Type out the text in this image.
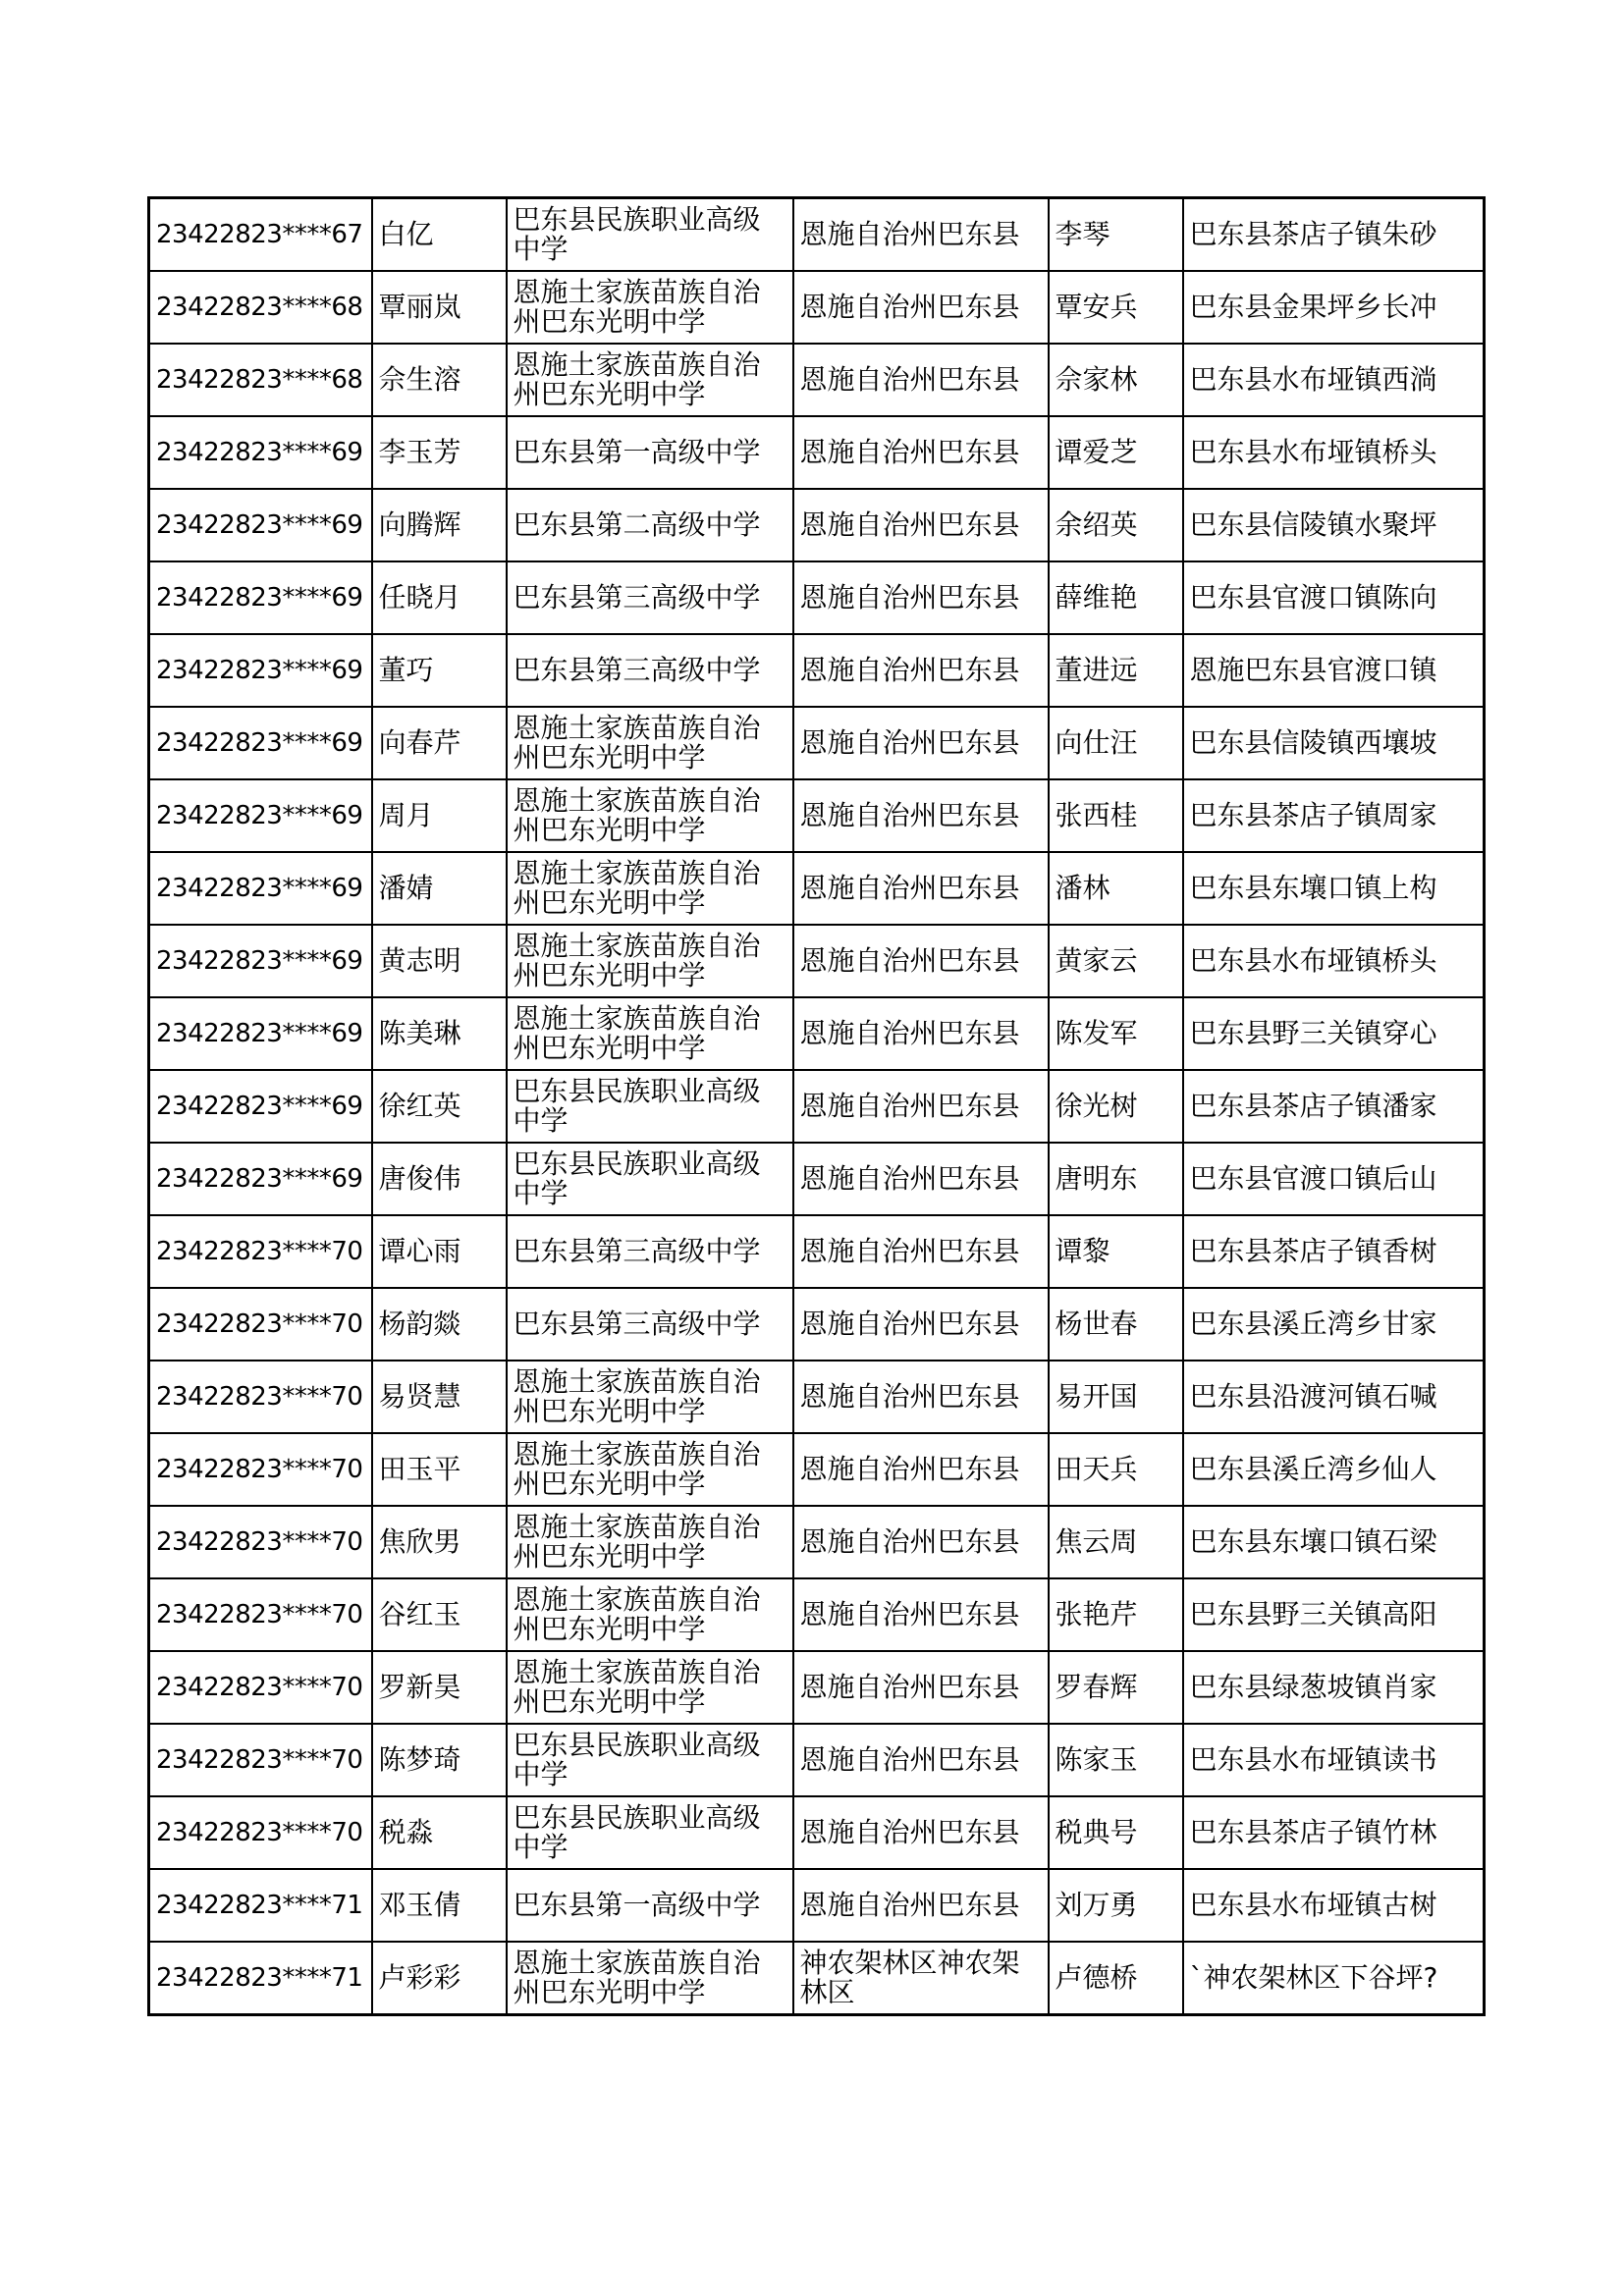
23422823****67	白亿	巴东县民族职业高级中学	恩施自治州巴东县	李琴	巴东县茶店子镇朱砂
23422823****68	覃丽岚	恩施土家族苗族自治州巴东光明中学	恩施自治州巴东县	覃安兵	巴东县金果坪乡长冲
23422823****68	佘生溶	恩施土家族苗族自治州巴东光明中学	恩施自治州巴东县	佘家林	巴东县水布垭镇西淌
23422823****69	李玉芳	巴东县第一高级中学	恩施自治州巴东县	谭爱芝	巴东县水布垭镇桥头
23422823****69	向腾辉	巴东县第二高级中学	恩施自治州巴东县	余绍英	巴东县信陵镇水聚坪
23422823****69	任晓月	巴东县第三高级中学	恩施自治州巴东县	薛维艳	巴东县官渡口镇陈向
23422823****69	董巧	巴东县第三高级中学	恩施自治州巴东县	董进远	恩施巴东县官渡口镇
23422823****69	向春芹	恩施土家族苗族自治州巴东光明中学	恩施自治州巴东县	向仕汪	巴东县信陵镇西壤坡
23422823****69	周月	恩施土家族苗族自治州巴东光明中学	恩施自治州巴东县	张西桂	巴东县茶店子镇周家
23422823****69	潘婧	恩施土家族苗族自治州巴东光明中学	恩施自治州巴东县	潘林	巴东县东壤口镇上构
23422823****69	黄志明	恩施土家族苗族自治州巴东光明中学	恩施自治州巴东县	黄家云	巴东县水布垭镇桥头
23422823****69	陈美琳	恩施土家族苗族自治州巴东光明中学	恩施自治州巴东县	陈发军	巴东县野三关镇穿心
23422823****69	徐红英	巴东县民族职业高级中学	恩施自治州巴东县	徐光树	巴东县茶店子镇潘家
23422823****69	唐俊伟	巴东县民族职业高级中学	恩施自治州巴东县	唐明东	巴东县官渡口镇后山
23422823****70	谭心雨	巴东县第三高级中学	恩施自治州巴东县	谭黎	巴东县茶店子镇香树
23422823****70	杨韵燚	巴东县第三高级中学	恩施自治州巴东县	杨世春	巴东县溪丘湾乡甘家
23422823****70	易贤慧	恩施土家族苗族自治州巴东光明中学	恩施自治州巴东县	易开国	巴东县沿渡河镇石喊
23422823****70	田玉平	恩施土家族苗族自治州巴东光明中学	恩施自治州巴东县	田天兵	巴东县溪丘湾乡仙人
23422823****70	焦欣男	恩施土家族苗族自治州巴东光明中学	恩施自治州巴东县	焦云周	巴东县东壤口镇石梁
23422823****70	谷红玉	恩施土家族苗族自治州巴东光明中学	恩施自治州巴东县	张艳芹	巴东县野三关镇高阳
23422823****70	罗新昊	恩施土家族苗族自治州巴东光明中学	恩施自治州巴东县	罗春辉	巴东县绿葱坡镇肖家
23422823****70	陈梦琦	巴东县民族职业高级中学	恩施自治州巴东县	陈家玉	巴东县水布垭镇读书
23422823****70	税淼	巴东县民族职业高级中学	恩施自治州巴东县	税典号	巴东县茶店子镇竹林
23422823****71	邓玉倩	巴东县第一高级中学	恩施自治州巴东县	刘万勇	巴东县水布垭镇古树
23422823****71	卢彩彩	恩施土家族苗族自治州巴东光明中学	神农架林区神农架林区	卢德桥	`神农架林区下谷坪?
